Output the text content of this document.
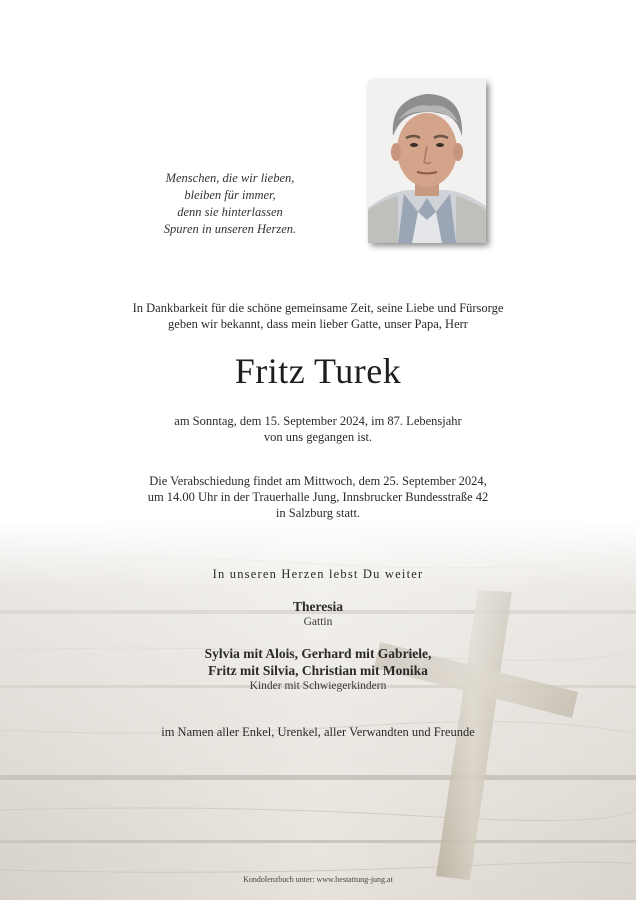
Menschen, die wir lieben,
bleiben für immer,
denn sie hinterlassen
Spuren in unseren Herzen.
In Dankbarkeit für die schöne gemeinsame Zeit, seine Liebe und Fürsorge
geben wir bekannt, dass mein lieber Gatte, unser Papa, Herr
Fritz Turek
am Sonntag, dem 15. September 2024, im 87. Lebensjahr
von uns gegangen ist.
Die Verabschiedung findet am Mittwoch, dem 25. September 2024,
um 14.00 Uhr in der Trauerhalle Jung, Innsbrucker Bundesstraße 42
in Salzburg statt.
In unseren Herzen lebst Du weiter
Theresia
Gattin
Sylvia mit Alois, Gerhard mit Gabriele,
Fritz mit Silvia, Christian mit Monika
Kinder mit Schwiegerkindern
im Namen aller Enkel, Urenkel, aller Verwandten und Freunde
Kondolenzbuch unter: www.bestattung-jung.at
